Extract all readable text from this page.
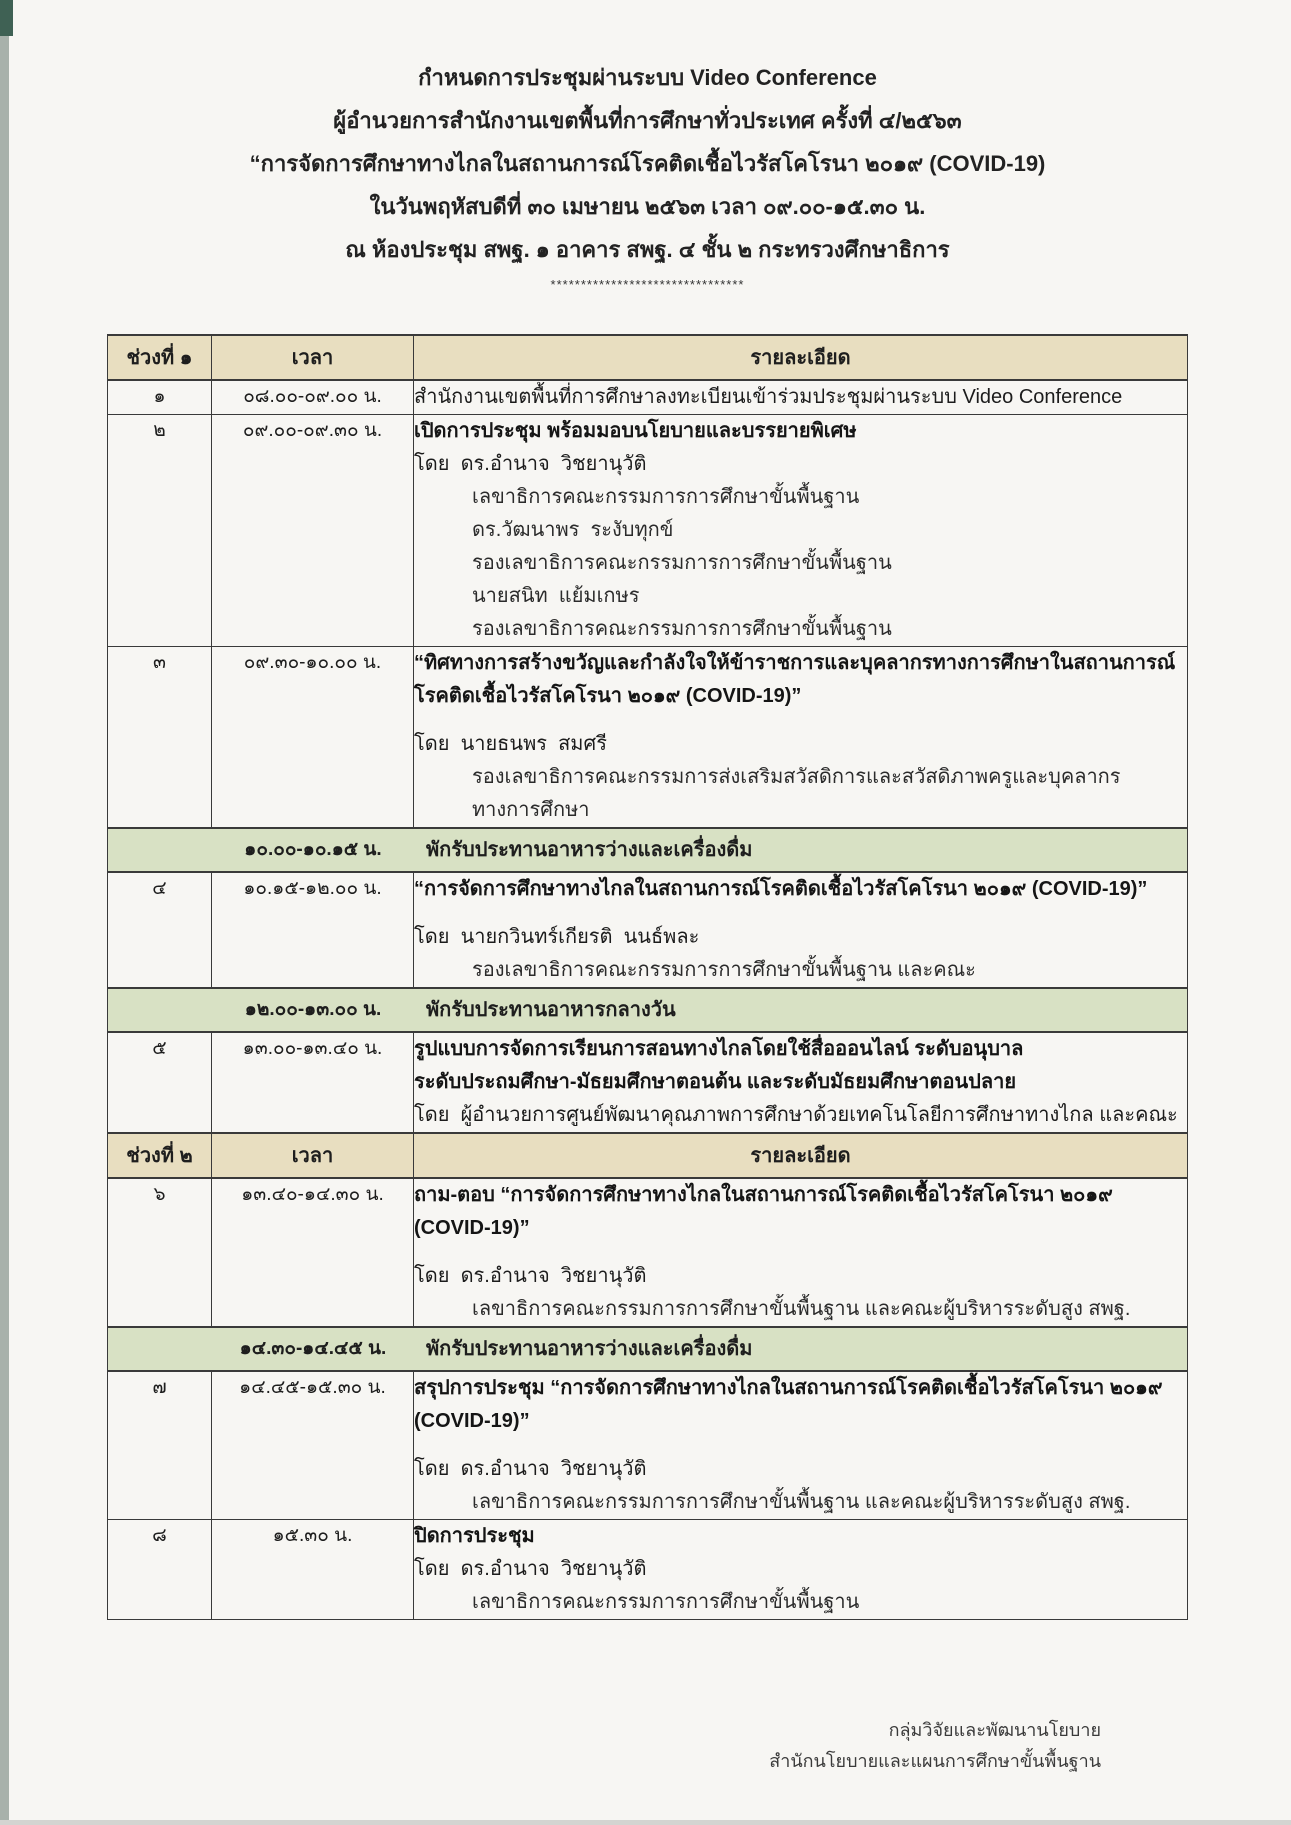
กำหนดการประชุมผ่านระบบ Video Conference
ผู้อำนวยการสำนักงานเขตพื้นที่การศึกษาทั่วประเทศ ครั้งที่ ๔/๒๕๖๓
“การจัดการศึกษาทางไกลในสถานการณ์โรคติดเชื้อไวรัสโคโรนา ๒๐๑๙ (COVID-19)
ในวันพฤหัสบดีที่ ๓๐ เมษายน ๒๕๖๓ เวลา ๐๙.๐๐-๑๕.๓๐ น.
ณ ห้องประชุม สพฐ. ๑ อาคาร สพฐ. ๔ ชั้น ๒ กระทรวงศึกษาธิการ
********************************
ช่วงที่ ๑	เวลา	รายละเอียด
๑	๐๘.๐๐-๐๙.๐๐ น.	สำนักงานเขตพื้นที่การศึกษาลงทะเบียนเข้าร่วมประชุมผ่านระบบ Video Conference

๒	๐๙.๐๐-๐๙.๓๐ น.	เปิดการประชุม พร้อมมอบนโยบายและบรรยายพิเศษ
โดย  ดร.อำนาจ  วิชยานุวัติ
เลขาธิการคณะกรรมการการศึกษาขั้นพื้นฐาน
ดร.วัฒนาพร  ระงับทุกข์
รองเลขาธิการคณะกรรมการการศึกษาขั้นพื้นฐาน
นายสนิท  แย้มเกษร
รองเลขาธิการคณะกรรมการการศึกษาขั้นพื้นฐาน

๓	๐๙.๓๐-๑๐.๐๐ น.	“ทิศทางการสร้างขวัญและกำลังใจให้ข้าราชการและบุคลากรทางการศึกษาในสถานการณ์
โรคติดเชื้อไวรัสโคโรนา ๒๐๑๙ (COVID-19)”
โดย  นายธนพร  สมศรี
รองเลขาธิการคณะกรรมการส่งเสริมสวัสดิการและสวัสดิภาพครูและบุคลากรทางการศึกษา

๑๐.๐๐-๑๐.๑๕ น. พักรับประทานอาหารว่างและเครื่องดื่ม		

๔	๑๐.๑๕-๑๒.๐๐ น.	“การจัดการศึกษาทางไกลในสถานการณ์โรคติดเชื้อไวรัสโคโรนา ๒๐๑๙ (COVID-19)”
โดย  นายกวินทร์เกียรติ  นนธ์พละ
รองเลขาธิการคณะกรรมการการศึกษาขั้นพื้นฐาน และคณะ

๑๒.๐๐-๑๓.๐๐ น. พักรับประทานอาหารกลางวัน		

๕	๑๓.๐๐-๑๓.๔๐ น.	รูปแบบการจัดการเรียนการสอนทางไกลโดยใช้สื่อออนไลน์ ระดับอนุบาล
ระดับประถมศึกษา-มัธยมศึกษาตอนต้น และระดับมัธยมศึกษาตอนปลาย
โดย  ผู้อำนวยการศูนย์พัฒนาคุณภาพการศึกษาด้วยเทคโนโลยีการศึกษาทางไกล และคณะ

ช่วงที่ ๒	เวลา	รายละเอียด
๖	๑๓.๔๐-๑๔.๓๐ น.	ถาม-ตอบ “การจัดการศึกษาทางไกลในสถานการณ์โรคติดเชื้อไวรัสโคโรนา ๒๐๑๙
(COVID-19)”
โดย  ดร.อำนาจ  วิชยานุวัติ
เลขาธิการคณะกรรมการการศึกษาขั้นพื้นฐาน และคณะผู้บริหารระดับสูง สพฐ.

๑๔.๓๐-๑๔.๔๕ น. พักรับประทานอาหารว่างและเครื่องดื่ม		

๗	๑๔.๔๕-๑๕.๓๐ น.	สรุปการประชุม “การจัดการศึกษาทางไกลในสถานการณ์โรคติดเชื้อไวรัสโคโรนา ๒๐๑๙
(COVID-19)”
โดย  ดร.อำนาจ  วิชยานุวัติ
เลขาธิการคณะกรรมการการศึกษาขั้นพื้นฐาน และคณะผู้บริหารระดับสูง สพฐ.

๘	๑๕.๓๐ น.	ปิดการประชุม
โดย  ดร.อำนาจ  วิชยานุวัติ
เลขาธิการคณะกรรมการการศึกษาขั้นพื้นฐาน
กลุ่มวิจัยและพัฒนานโยบาย
สำนักนโยบายและแผนการศึกษาขั้นพื้นฐาน
